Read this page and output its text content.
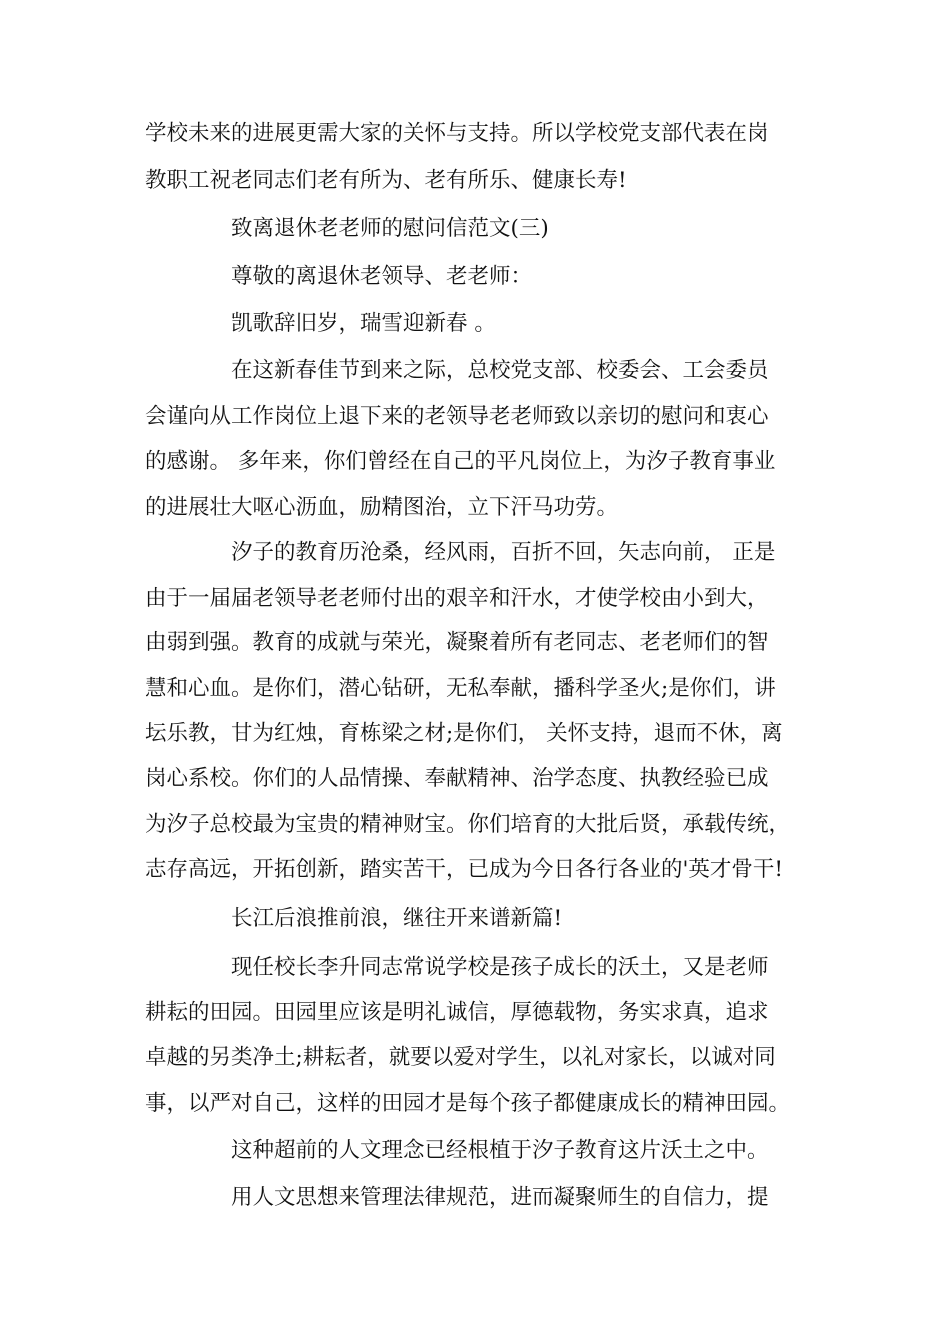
学校未来的进展更需大家的关怀与支持。所以学校党支部代表在岗
教职工祝老同志们老有所为、老有所乐、健康长寿!
致离退休老老师的慰问信范文(三)
尊敬的离退休老领导、老老师：
凯歌辞旧岁，瑞雪迎新春 。
在这新春佳节到来之际，总校党支部、校委会、工会委员
会谨向从工作岗位上退下来的老领导老老师致以亲切的慰问和衷心
的感谢。 多年来，你们曾经在自己的平凡岗位上，为汐子教育事业
的进展壮大呕心沥血，励精图治，立下汗马功劳。
汐子的教育历沧桑，经风雨，百折不回，矢志向前， 正是
由于一届届老领导老老师付出的艰辛和汗水，才使学校由小到大，
由弱到强。教育的成就与荣光，凝聚着所有老同志、老老师们的智
慧和心血。是你们，潜心钻研，无私奉献，播科学圣火;是你们，讲
坛乐教，甘为红烛，育栋梁之材;是你们， 关怀支持，退而不休，离
岗心系校。你们的人品情操、奉献精神、治学态度、执教经验已成
为汐子总校最为宝贵的精神财宝。你们培育的大批后贤，承载传统，
志存高远，开拓创新，踏实苦干，已成为今日各行各业的'英才骨干!
长江后浪推前浪，继往开来谱新篇!
现任校长李升同志常说学校是孩子成长的沃土，又是老师
耕耘的田园。田园里应该是明礼诚信，厚德载物，务实求真，追求
卓越的另类净土;耕耘者，就要以爱对学生，以礼对家长，以诚对同
事，以严对自己，这样的田园才是每个孩子都健康成长的精神田园。
这种超前的人文理念已经根植于汐子教育这片沃土之中。
用人文思想来管理法律规范，进而凝聚师生的自信力，提
